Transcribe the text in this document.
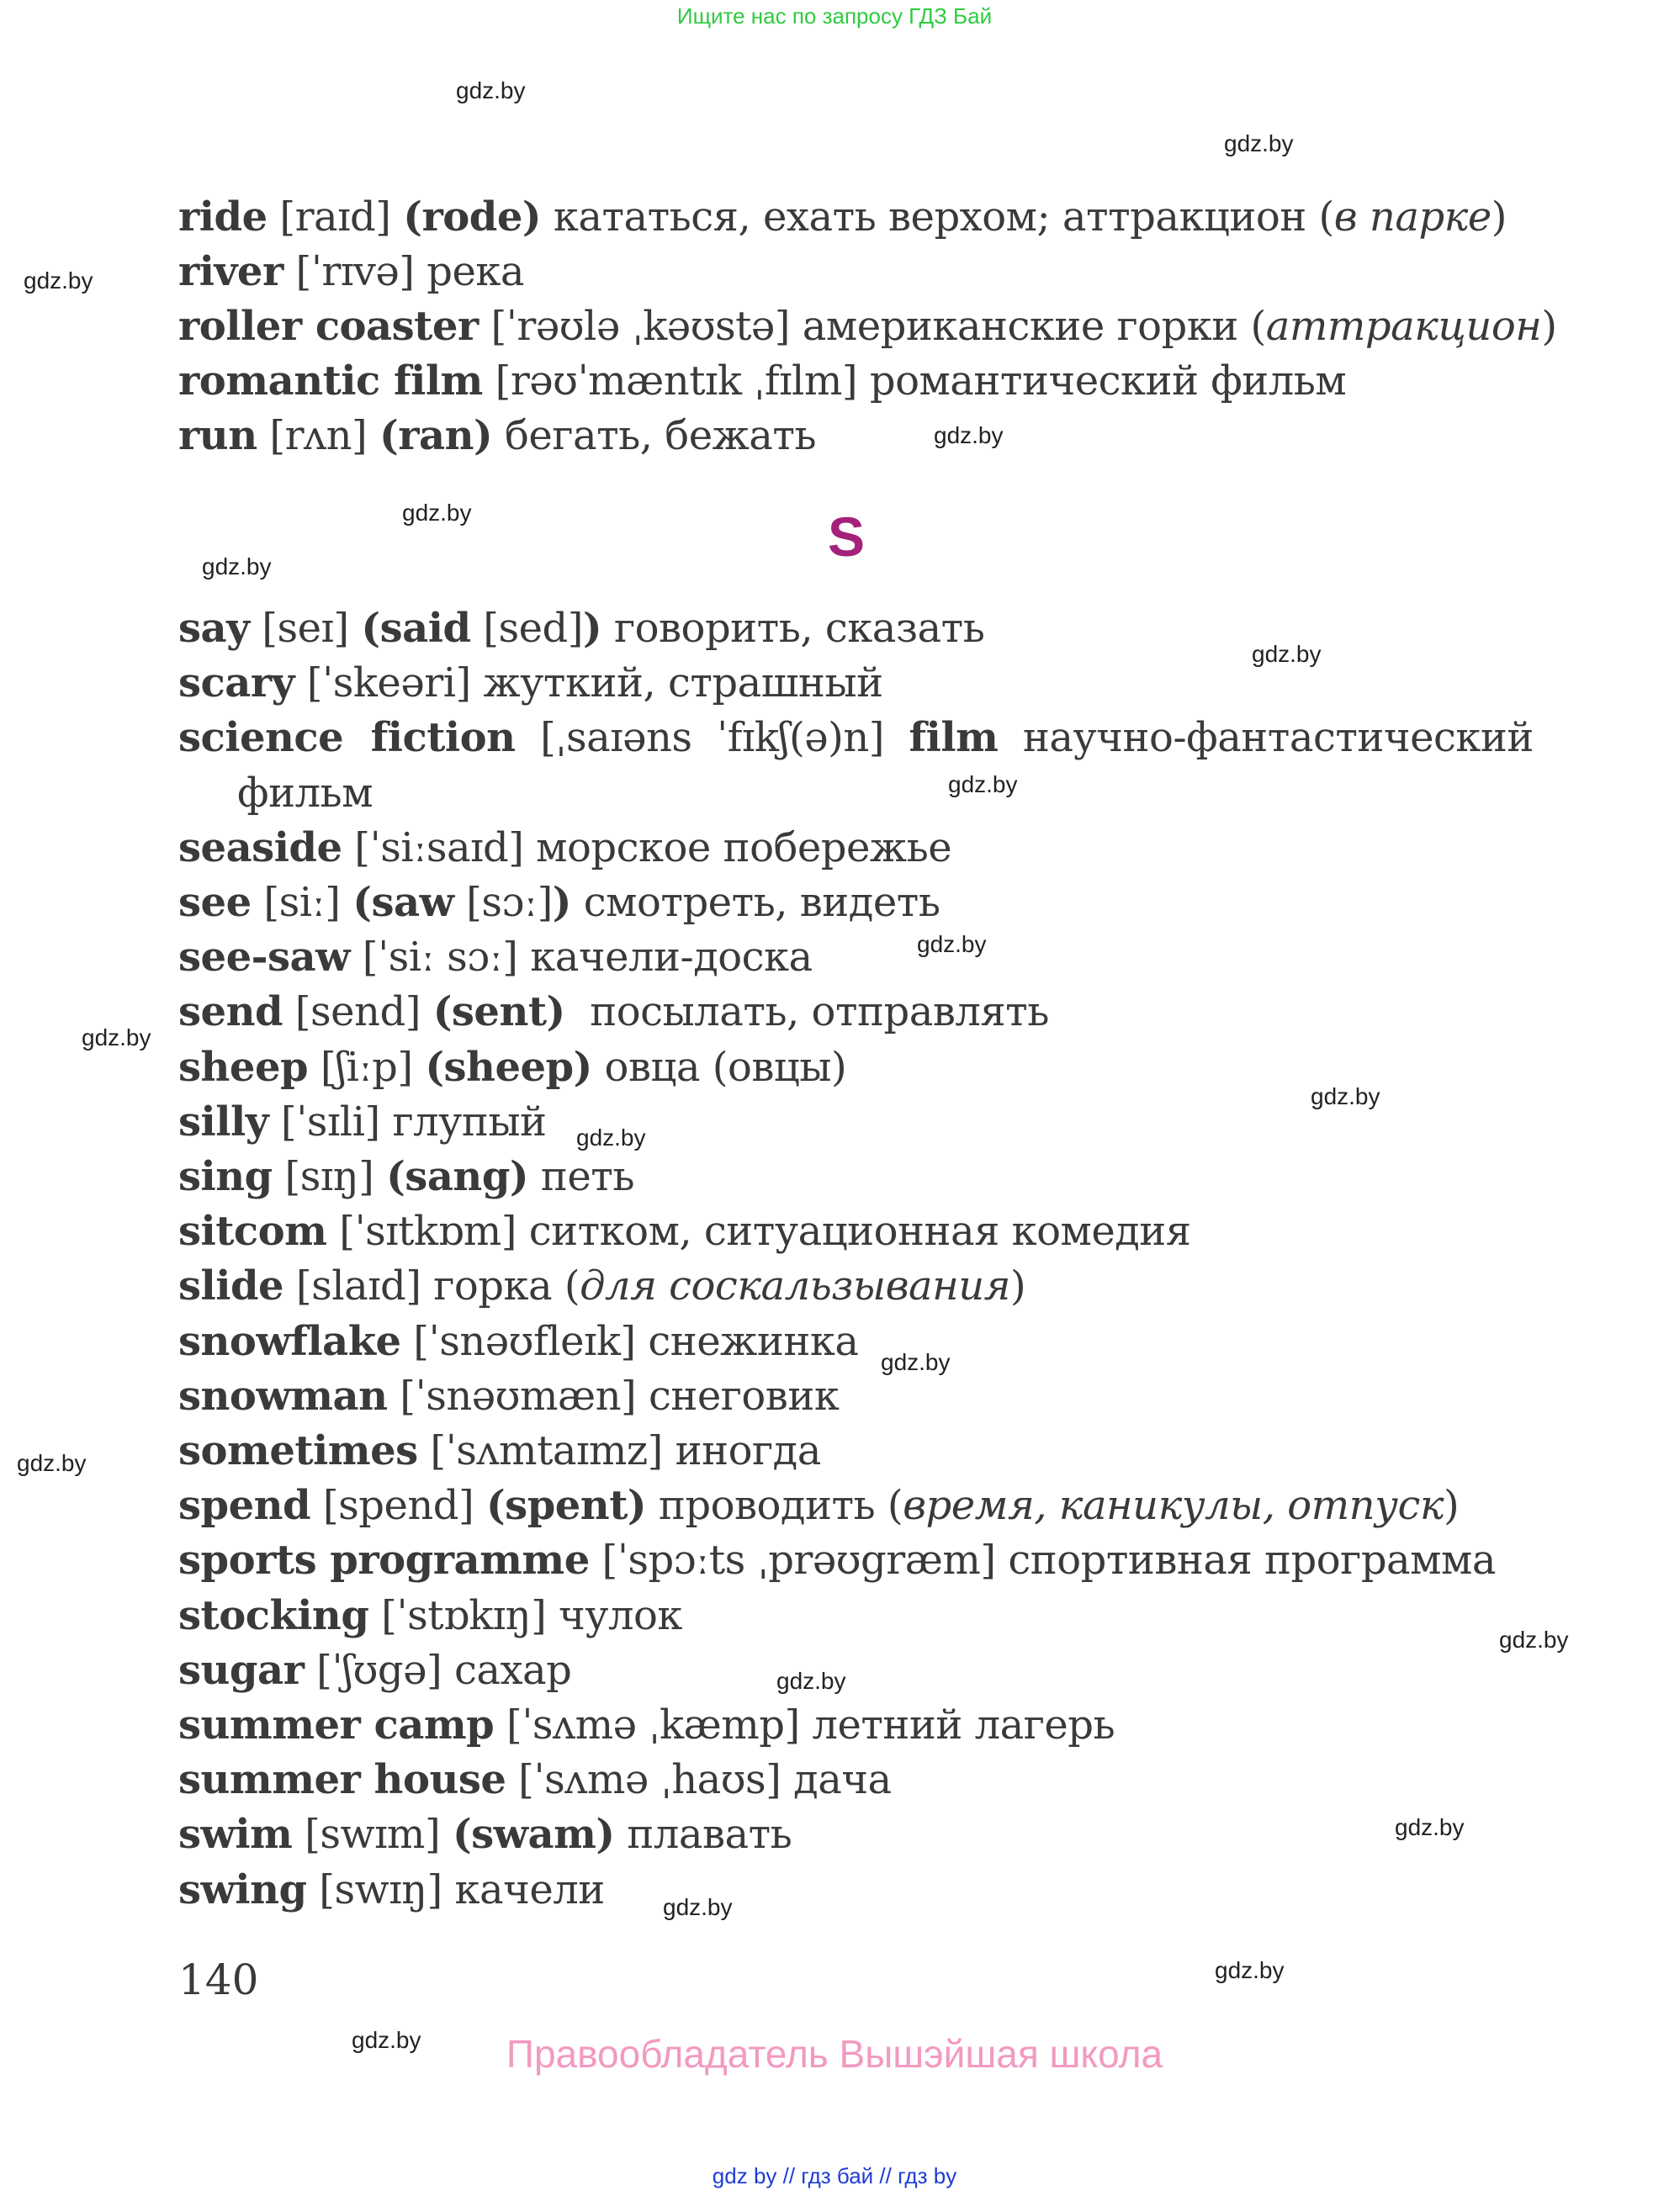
Ищите нас по запросу ГДЗ Бай
gdz.by
gdz.by
gdz.by
gdz.by
gdz.by
gdz.by
gdz.by
gdz.by
gdz.by
gdz.by
gdz.by
gdz.by
gdz.by
gdz.by
gdz.by
gdz.by
gdz.by
gdz.by
gdz.by
gdz.by
ride [raɪd] (rode) кататься, ехать верхом; аттракцион (в парке)
river [ˈrɪvə] река
roller coaster [ˈrəʊlə ˌkəʊstə] американские горки (аттракцион)
romantic film [rəʊˈmæntɪk ˌfɪlm] романтический фильм
run [rʌn] (ran) бегать, бежать
S
say [seɪ] (said [sed]) говорить, сказать
scary [ˈskeəri] жуткий, страшный
science  fiction  [ˌsaɪəns  ˈfɪkʃ(ə)n]  film  научно-фантастический
фильм
seaside [ˈsiːsaɪd] морское побережье
see [siː] (saw [sɔː]) смотреть, видеть
see-saw [ˈsiː sɔː] качели-доска
send [send] (sent)  посылать, отправлять
sheep [ʃiːp] (sheep) овца (овцы)
silly [ˈsɪli] глупый
sing [sɪŋ] (sang) петь
sitcom [ˈsɪtkɒm] ситком, ситуационная комедия
slide [slaɪd] горка (для соскальзывания)
snowflake [ˈsnəʊfleɪk] снежинка
snowman [ˈsnəʊmæn] снеговик
sometimes [ˈsʌmtaɪmz] иногда
spend [spend] (spent) проводить (время, каникулы, отпуск)
sports programme [ˈspɔːts ˌprəʊgræm] спортивная программа
stocking [ˈstɒkɪŋ] чулок
sugar [ˈʃʊgə] сахар
summer camp [ˈsʌmə ˌkæmp] летний лагерь
summer house [ˈsʌmə ˌhaʊs] дача
swim [swɪm] (swam) плавать
swing [swɪŋ] качели
140
Правообладатель Вышэйшая школа
gdz by // гдз бай // гдз by
